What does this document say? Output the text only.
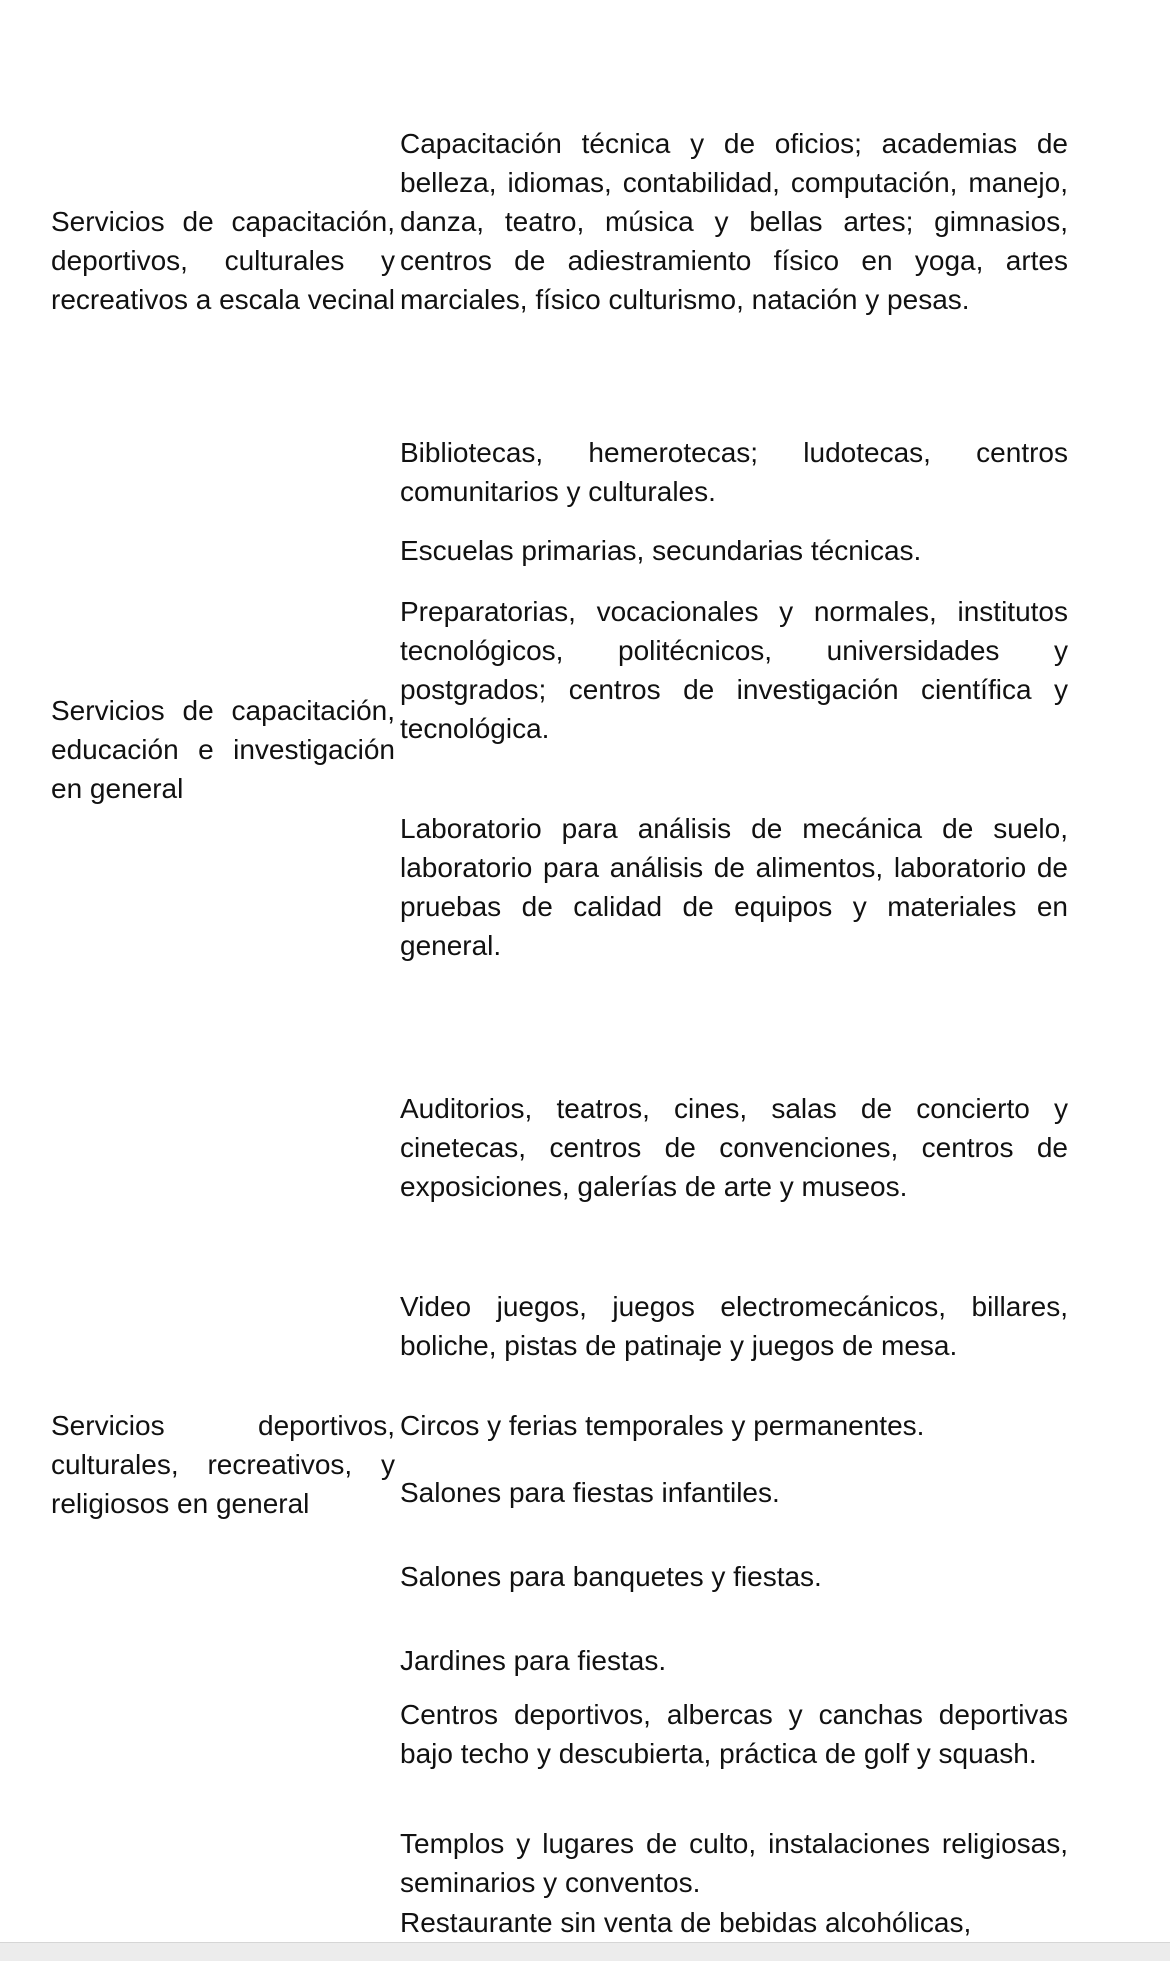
Capacitación técnica y de oficios; academias de belleza, idiomas, contabilidad, computación, manejo, danza, teatro, música y bellas artes; gimnasios, centros de adiestramiento físico en yoga, artes marciales, físico culturismo, natación y pesas.

Servicios de capacitación, deportivos, culturales y recreativos a escala vecinal

Bibliotecas, hemerotecas; ludotecas, centros comunitarios y culturales.

Escuelas primarias, secundarias técnicas.

Preparatorias, vocacionales y normales, institutos tecnológicos, politécnicos, universidades y postgrados; centros de investigación científica y tecnológica.

Servicios de capacitación, educación e investigación en general

Laboratorio para análisis de mecánica de suelo, laboratorio para análisis de alimentos, laboratorio de pruebas de calidad de equipos y materiales en general.

Auditorios, teatros, cines, salas de concierto y cinetecas, centros de convenciones, centros de exposiciones, galerías de arte y museos.

Video juegos, juegos electromecánicos, billares, boliche, pistas de patinaje y juegos de mesa.

Servicios deportivos, culturales, recreativos, y religiosos en general

Circos y ferias temporales y permanentes.

Salones para fiestas infantiles.

Salones para banquetes y fiestas.

Jardines para fiestas.

Centros deportivos, albercas y canchas deportivas bajo techo y descubierta, práctica de golf y squash.

Templos y lugares de culto, instalaciones religiosas, seminarios y conventos.

Restaurante sin venta de bebidas alcohólicas,
